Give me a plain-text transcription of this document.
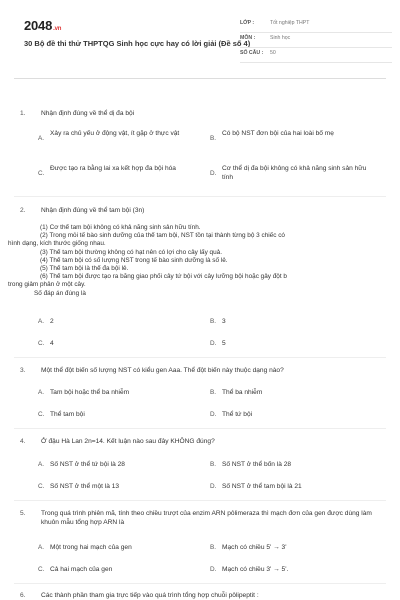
2048.vn
30 Bộ đề thi thử THPTQG Sinh học cực hay có lời giải (Đề số 4)
LỚP :	Tốt nghiệp THPT
MÔN :	Sinh học
SỐ CÂU : 50
1. Nhận định đúng về thể dị đa bội
A.
Xảy ra chủ yếu ở động vật, ít gặp ở thực vật
B.
Có bộ NST đơn bội của hai loài bố mẹ
C.
Được tạo ra bằng lai xa kết hợp đa bội hóa
D.
Cơ thể dị đa bội không có khả năng sinh sản hữu tính
2. Nhận định đúng về thể tam bội (3n)
(1) Cơ thể tam bội không có khả năng sinh sản hữu tính.
(2) Trong mỗi tế bào sinh dưỡng của thể tam bội, NST tồn tại thành từng bộ 3 chiếc có
hình dạng, kích thước giống nhau.
(3) Thể tam bội thường không có hạt nên có lợi cho cây lấy quả.
(4) Thể tam bội có số lượng NST trong tế bào sinh dưỡng là số lẻ.
(5) Thể tam bội là thể đa bội lẻ.
(6) Thể tam bội được tạo ra bằng giao phối cây tứ bội với cây lưỡng bội hoặc gây đột b
trong giảm phân ở một cây.
Số đáp án đúng là
A. 2	B. 3
C. 4	D. 5
3. Một thể đột biến số lượng NST có kiểu gen Aaa. Thể đột biến này thuộc dạng nào?
A. Tam bội hoặc thể ba nhiễm	B. Thể ba nhiễm
C. Thể tam bội	D. Thể tứ bội
4. Ở đậu Hà Lan 2n=14. Kết luận nào sau đây KHÔNG đúng?
A. Số NST ở thể tứ bội là 28	B. Số NST ở thể bốn là 28
C. Số NST ở thể một là 13	D. Số NST ở thể tam bội là 21
5. Trong quá trình phiên mã, tính theo chiều trượt của enzim ARN pôlimeraza thì mạch đơn của gen được dùng làm khuôn mẫu tổng hợp ARN là
A. Một trong hai mạch của gen	B. Mạch có chiều 5' → 3'
C. Cả hai mạch của gen	D. Mạch có chiều 3' → 5'.
6. Các thành phần tham gia trực tiếp vào quá trình tổng hợp chuỗi pôlipeptit :
